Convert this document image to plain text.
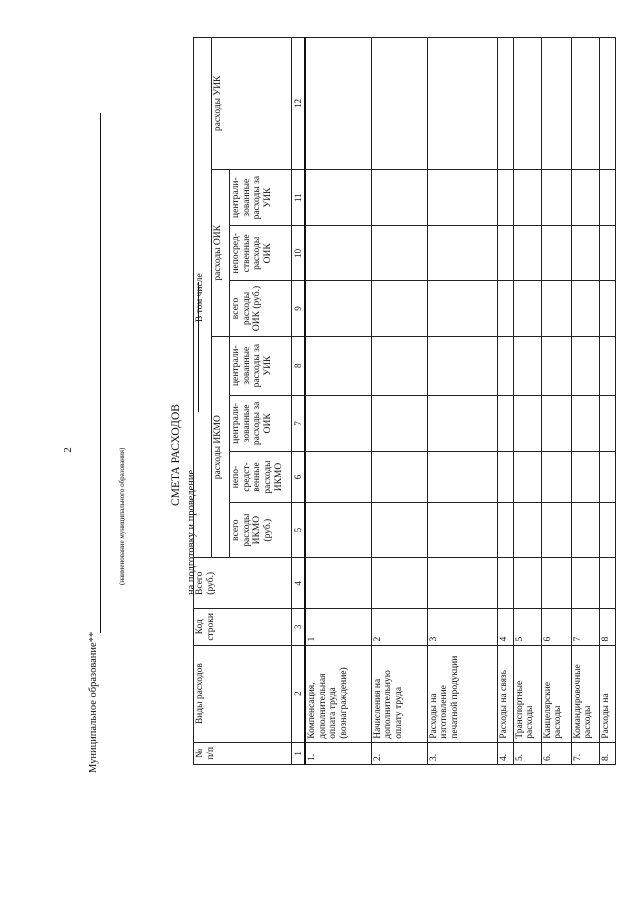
2
Муниципальное образование**
(наименование муниципального образования)	СМЕТА РАСХОДОВ
на подготовку и проведение
№ п/п	Виды расходов	Код строки	Всего (руб.)	В том числе							
				расходы ИКМО				расходы ОИК			расходы УИК
				всего расходы ИКМО (руб.)	непо- средст- венные расходы ИКМО	централи- зованные расходы за ОИК	централи- зованные расходы за УИК	всего расходы ОИК (руб.)	непосред- ственные расходы ОИК	централи- зованные расходы за УИК	
1	2	3	4	5	6	7	8	9	10	11	12
1.	Компенсация, дополнительная оплата труда (вознаграждение)	1									
2.	Начисления на дополнительную оплату труда	2									
3.	Расходы на изготовление печатной продукции	3									
4.	Расходы на связь	4									
5.	Транспортные расходы	5									
6.	Канцелярские расходы	6									
7.	Командировочные расходы	7									
8.	Расходы на	8									
